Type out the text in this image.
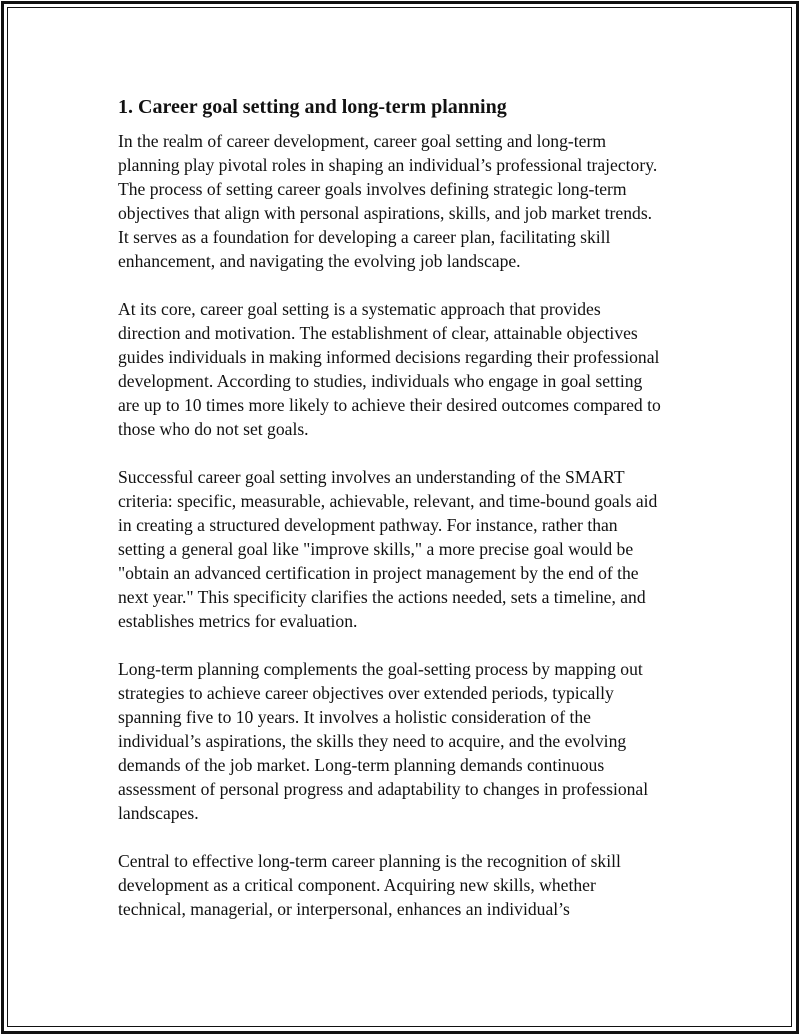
1. Career goal setting and long-term planning

In the realm of career development, career goal setting and long-term
planning play pivotal roles in shaping an individual’s professional trajectory.
The process of setting career goals involves defining strategic long-term
objectives that align with personal aspirations, skills, and job market trends.
It serves as a foundation for developing a career plan, facilitating skill
enhancement, and navigating the evolving job landscape.

At its core, career goal setting is a systematic approach that provides
direction and motivation. The establishment of clear, attainable objectives
guides individuals in making informed decisions regarding their professional
development. According to studies, individuals who engage in goal setting
are up to 10 times more likely to achieve their desired outcomes compared to
those who do not set goals.

Successful career goal setting involves an understanding of the SMART
criteria: specific, measurable, achievable, relevant, and time-bound goals aid
in creating a structured development pathway. For instance, rather than
setting a general goal like "improve skills," a more precise goal would be
"obtain an advanced certification in project management by the end of the
next year." This specificity clarifies the actions needed, sets a timeline, and
establishes metrics for evaluation.

Long-term planning complements the goal-setting process by mapping out
strategies to achieve career objectives over extended periods, typically
spanning five to 10 years. It involves a holistic consideration of the
individual’s aspirations, the skills they need to acquire, and the evolving
demands of the job market. Long-term planning demands continuous
assessment of personal progress and adaptability to changes in professional
landscapes.

Central to effective long-term career planning is the recognition of skill
development as a critical component. Acquiring new skills, whether
technical, managerial, or interpersonal, enhances an individual’s
